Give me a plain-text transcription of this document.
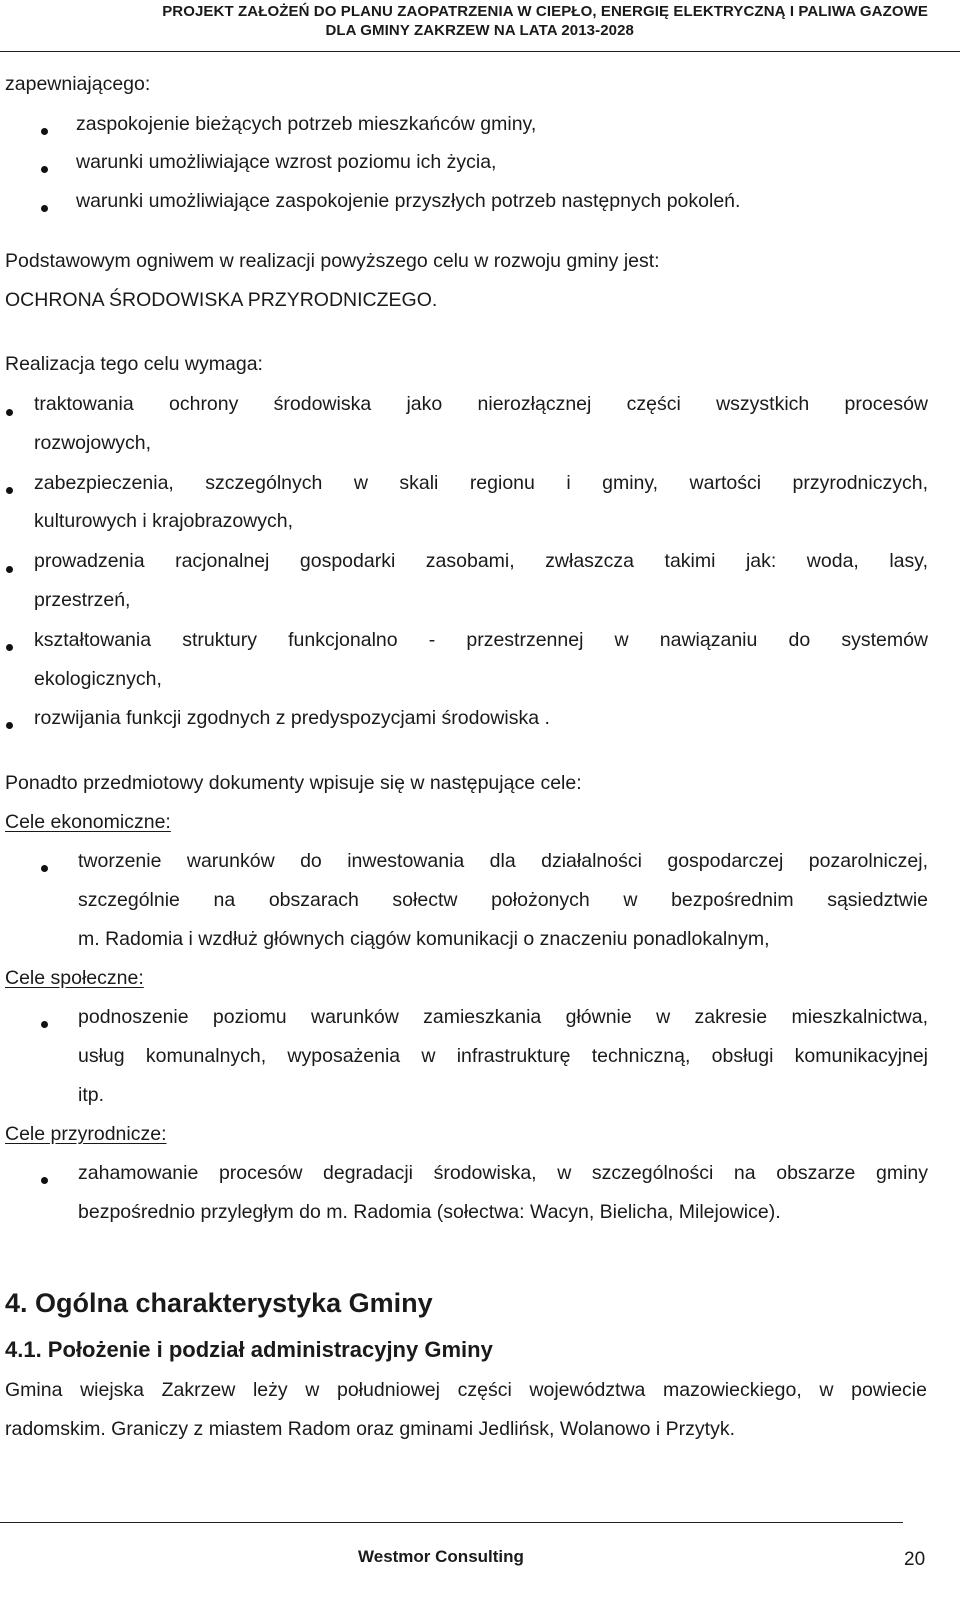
PROJEKT ZAŁOŻEŃ DO PLANU ZAOPATRZENIA W CIEPŁO, ENERGIĘ ELEKTRYCZNĄ I PALIWA GAZOWE
DLA GMINY ZAKRZEW NA LATA 2013-2028
zapewniającego:
zaspokojenie bieżących potrzeb mieszkańców gminy,
warunki umożliwiające wzrost poziomu ich życia,
warunki umożliwiające zaspokojenie przyszłych potrzeb następnych pokoleń.
Podstawowym ogniwem w realizacji powyższego celu w rozwoju gminy jest:
OCHRONA ŚRODOWISKA PRZYRODNICZEGO.
Realizacja tego celu wymaga:
traktowania ochrony środowiska jako nierozłącznej części wszystkich procesów
rozwojowych,
zabezpieczenia, szczególnych w skali regionu i gminy, wartości przyrodniczych,
kulturowych i krajobrazowych,
prowadzenia racjonalnej gospodarki zasobami, zwłaszcza takimi jak: woda, lasy,
przestrzeń,
kształtowania struktury funkcjonalno - przestrzennej w nawiązaniu do systemów
ekologicznych,
rozwijania funkcji zgodnych z predyspozycjami środowiska .
Ponadto przedmiotowy dokumenty wpisuje się w następujące cele:
Cele ekonomiczne:
tworzenie warunków do inwestowania dla działalności gospodarczej pozarolniczej,
szczególnie na obszarach sołectw położonych w bezpośrednim sąsiedztwie
m. Radomia i wzdłuż głównych ciągów komunikacji o znaczeniu ponadlokalnym,
Cele społeczne:
podnoszenie poziomu warunków zamieszkania głównie w zakresie mieszkalnictwa,
usług komunalnych, wyposażenia w infrastrukturę techniczną, obsługi komunikacyjnej
itp.
Cele przyrodnicze:
zahamowanie procesów degradacji środowiska, w szczególności na obszarze gminy
bezpośrednio przyległym do m. Radomia (sołectwa: Wacyn, Bielicha, Milejowice).
4. Ogólna charakterystyka Gminy
4.1. Położenie i podział administracyjny Gminy
Gmina wiejska Zakrzew leży w południowej części województwa mazowieckiego, w powiecie
radomskim. Graniczy z miastem Radom oraz gminami Jedlińsk, Wolanowo i Przytyk.
Westmor Consulting	20
